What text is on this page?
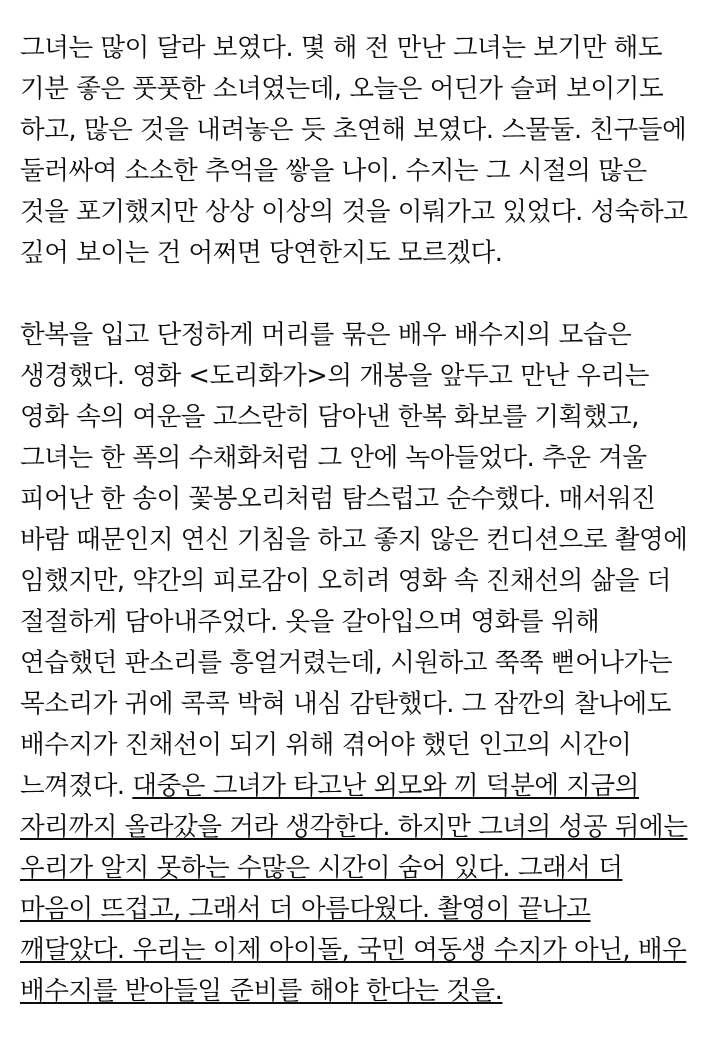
그녀는 많이 달라 보였다. 몇 해 전 만난 그녀는 보기만 해도 기분 좋은 풋풋한 소녀였는데, 오늘은 어딘가 슬퍼 보이기도 하고, 많은 것을 내려놓은 듯 초연해 보였다. 스물둘. 친구들에 둘러싸여 소소한 추억을 쌓을 나이. 수지는 그 시절의 많은 것을 포기했지만 상상 이상의 것을 이뤄가고 있었다. 성숙하고 깊어 보이는 건 어쩌면 당연한지도 모르겠다.

한복을 입고 단정하게 머리를 묶은 배우 배수지의 모습은 생경했다. 영화 <도리화가>의 개봉을 앞두고 만난 우리는 영화 속의 여운을 고스란히 담아낸 한복 화보를 기획했고, 그녀는 한 폭의 수채화처럼 그 안에 녹아들었다. 추운 겨울 피어난 한 송이 꽃봉오리처럼 탐스럽고 순수했다. 매서워진 바람 때문인지 연신 기침을 하고 좋지 않은 컨디션으로 촬영에 임했지만, 약간의 피로감이 오히려 영화 속 진채선의 삶을 더 절절하게 담아내주었다. 옷을 갈아입으며 영화를 위해 연습했던 판소리를 흥얼거렸는데, 시원하고 쭉쭉 뻗어나가는 목소리가 귀에 콕콕 박혀 내심 감탄했다. 그 잠깐의 찰나에도 배수지가 진채선이 되기 위해 겪어야 했던 인고의 시간이 느껴졌다. 대중은 그녀가 타고난 외모와 끼 덕분에 지금의 자리까지 올라갔을 거라 생각한다. 하지만 그녀의 성공 뒤에는 우리가 알지 못하는 수많은 시간이 숨어 있다. 그래서 더 마음이 뜨겁고, 그래서 더 아름다웠다. 촬영이 끝나고 깨달았다. 우리는 이제 아이돌, 국민 여동생 수지가 아닌, 배우 배수지를 받아들일 준비를 해야 한다는 것을.
